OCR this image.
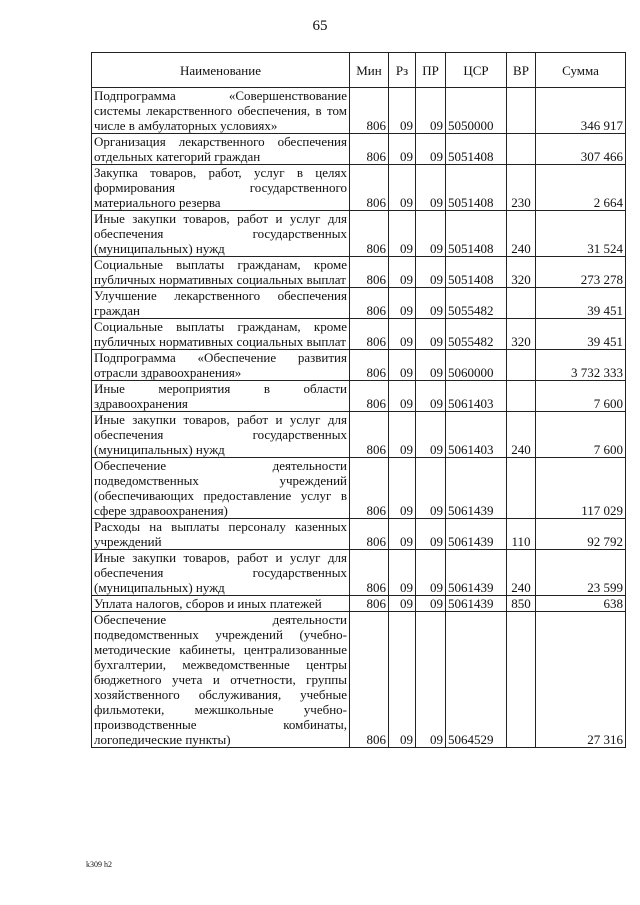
65
Наименование	Мин	Рз	ПР	ЦСР	ВР	Сумма
Подпрограмма «Совершенствование системы лекарственного обеспечения, в том числе в амбулаторных условиях»	806	09	09	5050000		346 917
Организация лекарственного обеспечения отдельных категорий граждан	806	09	09	5051408		307 466
Закупка товаров, работ, услуг в целях формирования государственного материального резерва	806	09	09	5051408	230	2 664
Иные закупки товаров, работ и услуг для обеспечения государственных (муниципальных) нужд	806	09	09	5051408	240	31 524
Социальные выплаты гражданам, кроме публичных нормативных социальных выплат	806	09	09	5051408	320	273 278
Улучшение лекарственного обеспечения граждан	806	09	09	5055482		39 451
Социальные выплаты гражданам, кроме публичных нормативных социальных выплат	806	09	09	5055482	320	39 451
Подпрограмма «Обеспечение развития отрасли здравоохранения»	806	09	09	5060000		3 732 333
Иные мероприятия в области здравоохранения	806	09	09	5061403		7 600
Иные закупки товаров, работ и услуг для обеспечения государственных (муниципальных) нужд	806	09	09	5061403	240	7 600
Обеспечение деятельности подведомственных учреждений (обеспечивающих предоставление услуг в сфере здравоохранения)	806	09	09	5061439		117 029
Расходы на выплаты персоналу казенных учреждений	806	09	09	5061439	110	92 792
Иные закупки товаров, работ и услуг для обеспечения государственных (муниципальных) нужд	806	09	09	5061439	240	23 599
Уплата налогов, сборов и иных платежей	806	09	09	5061439	850	638
Обеспечение деятельности подведомственных учреждений (учебно-методические кабинеты, централизованные бухгалтерии, межведомственные центры бюджетного учета и отчетности, группы хозяйственного обслуживания, учебные фильмотеки, межшкольные учебно-производственные комбинаты, логопедические пункты)	806	09	09	5064529		27 316
k309 h2
